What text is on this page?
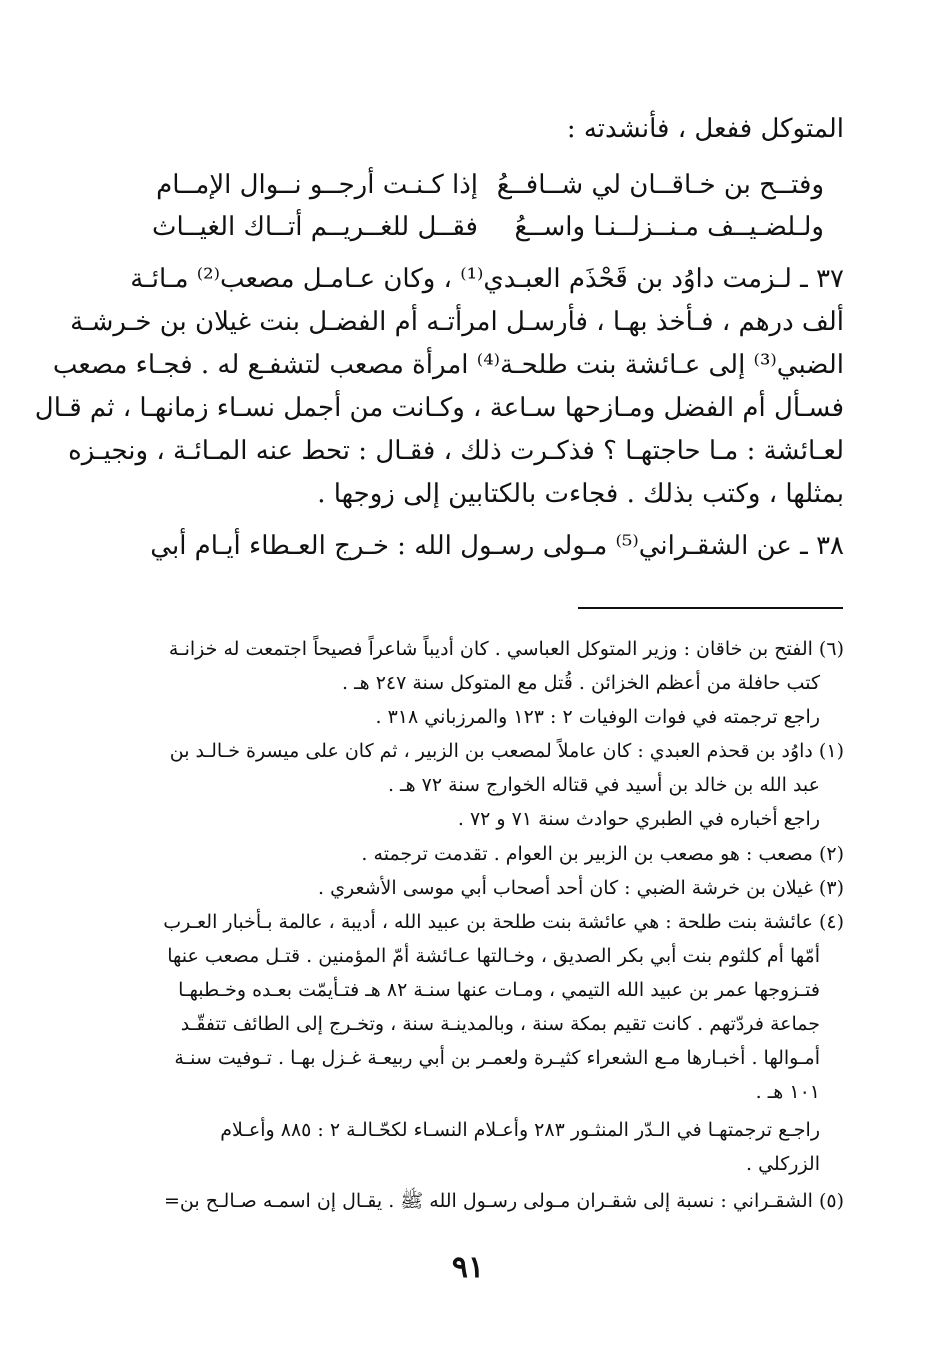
المتوكل ففعل ، فأنشدته :
إذا كـنـت أرجــو نــوال الإمــام وفتــح بن خـاقــان لي شــافــعُ
فقــل للغــريــم أتــاك الغيــاث ولـلضـيــف مـنــزلــنـا واســعُ
٣٧ ـ لـزمت داوُد بن قَحْذَم العبـدي⁽¹⁾ ، وكان عـامـل مصعب⁽²⁾ مـائـة
ألف درهم ، فـأخذ بهـا ، فأرسـل امرأتـه أم الفضـل بنت غيلان بن خـرشـة
الضبي⁽³⁾ إلى عـائشة بنت طلحـة⁽⁴⁾ امرأة مصعب لتشفـع له . فجـاء مصعب
فسـأل أم الفضل ومـازحها سـاعة ، وكـانت من أجمل نسـاء زمانهـا ، ثم قـال
لعـائشة : مـا حاجتهـا ؟ فذكـرت ذلك ، فقـال : تحط عنه المـائـة ، ونجيـزه
بمثلها ، وكتب بذلك . فجاءت بالكتابين إلى زوجها .
٣٨ ـ عن الشقـراني⁽⁵⁾ مـولى رسـول الله : خـرج العـطاء أيـام أبي
(٦) الفتح بن خاقان : وزير المتوكل العباسي . كان أديباً شاعراً فصيحاً اجتمعت له خزانـة
كتب حافلة من أعظم الخزائن . قُتل مع المتوكل سنة ٢٤٧ هـ .
راجع ترجمته في فوات الوفيات ٢ : ١٢٣ والمرزباني ٣١٨ .
(١) داوُد بن قحذم العبدي : كان عاملاً لمصعب بن الزبير ، ثم كان على ميسرة خـالـد بن
عبد الله بن خالد بن أسيد في قتاله الخوارج سنة ٧٢ هـ .
راجع أخباره في الطبري حوادث سنة ٧١ و ٧٢ .
(٢) مصعب : هو مصعب بن الزبير بن العوام . تقدمت ترجمته .
(٣) غيلان بن خرشة الضبي : كان أحد أصحاب أبي موسى الأشعري .
(٤) عائشة بنت طلحة : هي عائشة بنت طلحة بن عبيد الله ، أديبة ، عالمة بـأخبار العـرب
أمّها أم كلثوم بنت أبي بكر الصديق ، وخـالتها عـائشة أمّ المؤمنين . قتـل مصعب عنها
فتـزوجها عمر بن عبيد الله التيمي ، ومـات عنها سنـة ٨٢ هـ فتـأيمّت بعـده وخـطبهـا
جماعة فردّتهم . كانت تقيم بمكة سنة ، وبالمدينـة سنة ، وتخـرج إلى الطائف تتفقّـد
أمـوالها . أخبـارها مـع الشعراء كثيـرة ولعمـر بن أبي ربيعـة غـزل بهـا . تـوفيت سنـة
١٠١ هـ .
راجـع ترجمتهـا في الـدّر المنثـور ٢٨٣ وأعـلام النسـاء لكحّـالـة ٢ : ٨٨٥ وأعـلام
الزركلي .
(٥) الشقـراني : نسبة إلى شقـران مـولى رسـول الله ﷺ . يقـال إن اسمـه صـالـح بن=
٩١
